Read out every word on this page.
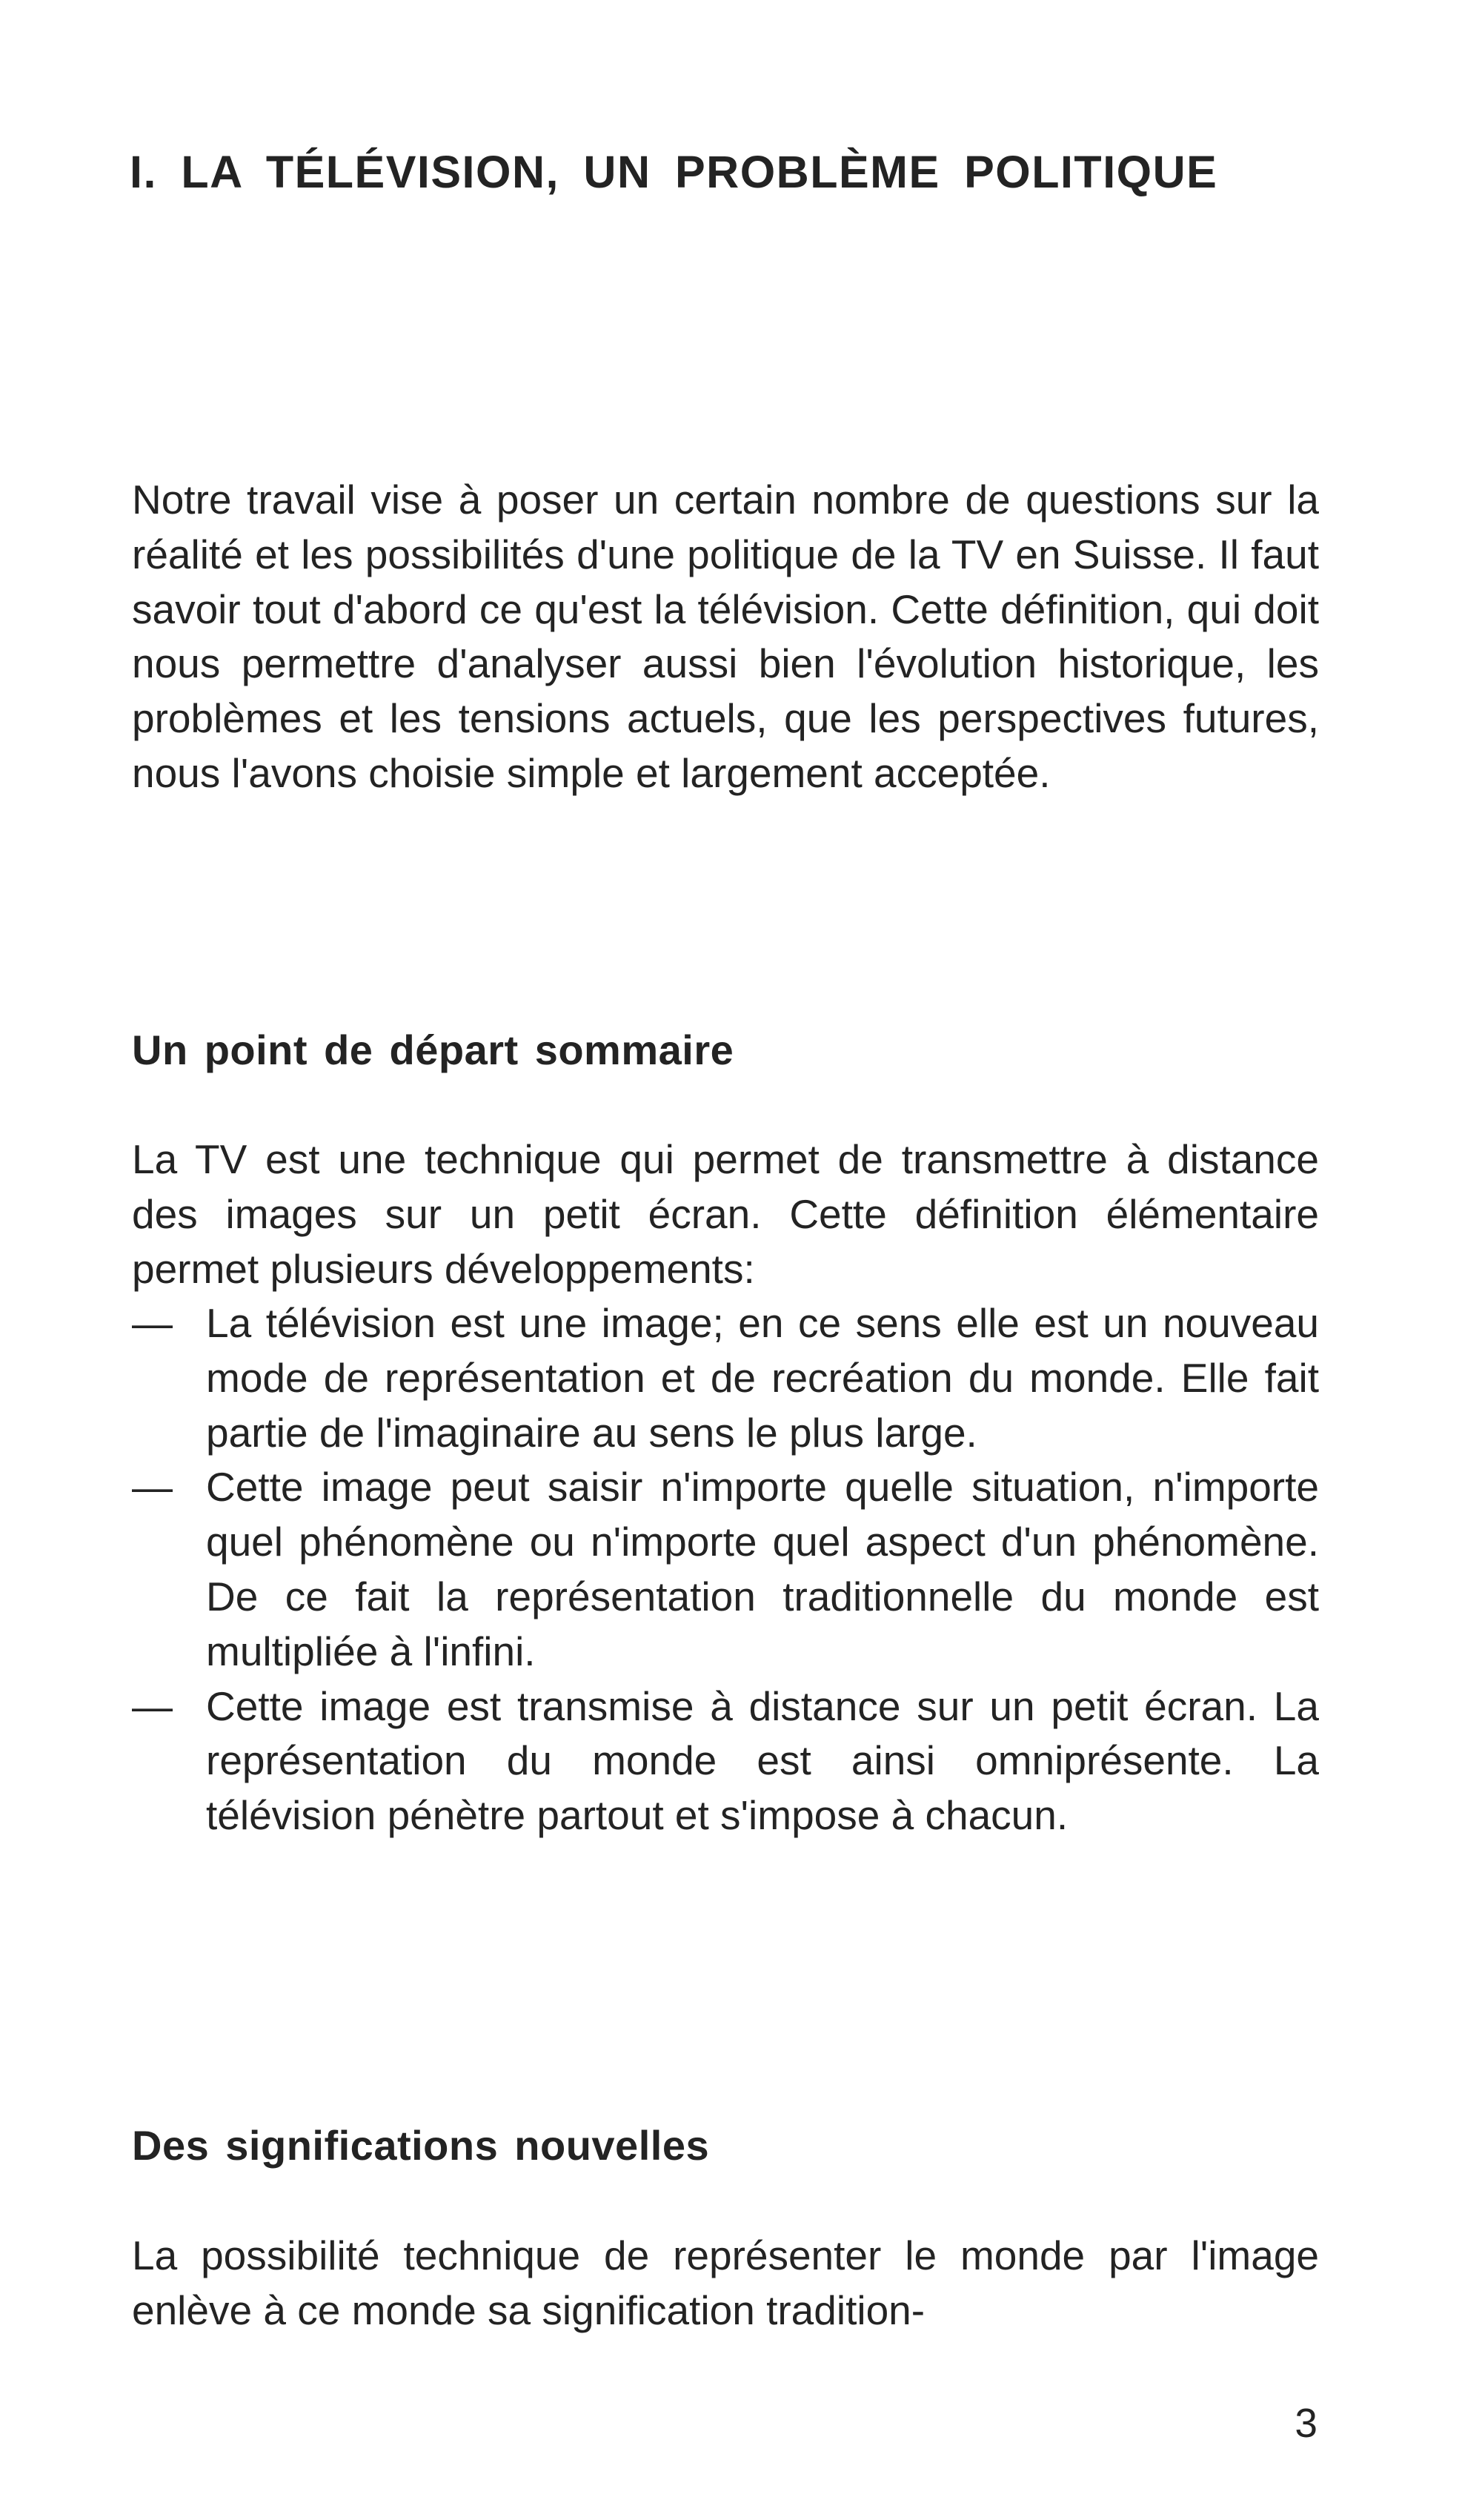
I. LA TÉLÉVISION, UN PROBLÈME POLITIQUE

Notre travail vise à poser un certain nombre de questions sur la réalité et les possibilités d'une politique de la TV en Suisse. Il faut savoir tout d'abord ce qu'est la télévision. Cette définition, qui doit nous permettre d'analyser aussi bien l'évolution historique, les problèmes et les tensions actuels, que les perspectives futures, nous l'avons choisie simple et largement acceptée.

Un point de départ sommaire

La TV est une technique qui permet de transmettre à distance des images sur un petit écran. Cette définition élémentaire permet plusieurs développements:

— La télévision est une image; en ce sens elle est un nouveau mode de représentation et de recréation du monde. Elle fait partie de l'imaginaire au sens le plus large.
— Cette image peut saisir n'importe quelle situation, n'importe quel phénomène ou n'importe quel aspect d'un phénomène. De ce fait la représentation traditionnelle du monde est multipliée à l'infini.
— Cette image est transmise à distance sur un petit écran. La représentation du monde est ainsi omniprésente. La télévision pénètre partout et s'impose à chacun.
Des significations nouvelles

La possibilité technique de représenter le monde par l'image enlève à ce monde sa signification tradition-

3
